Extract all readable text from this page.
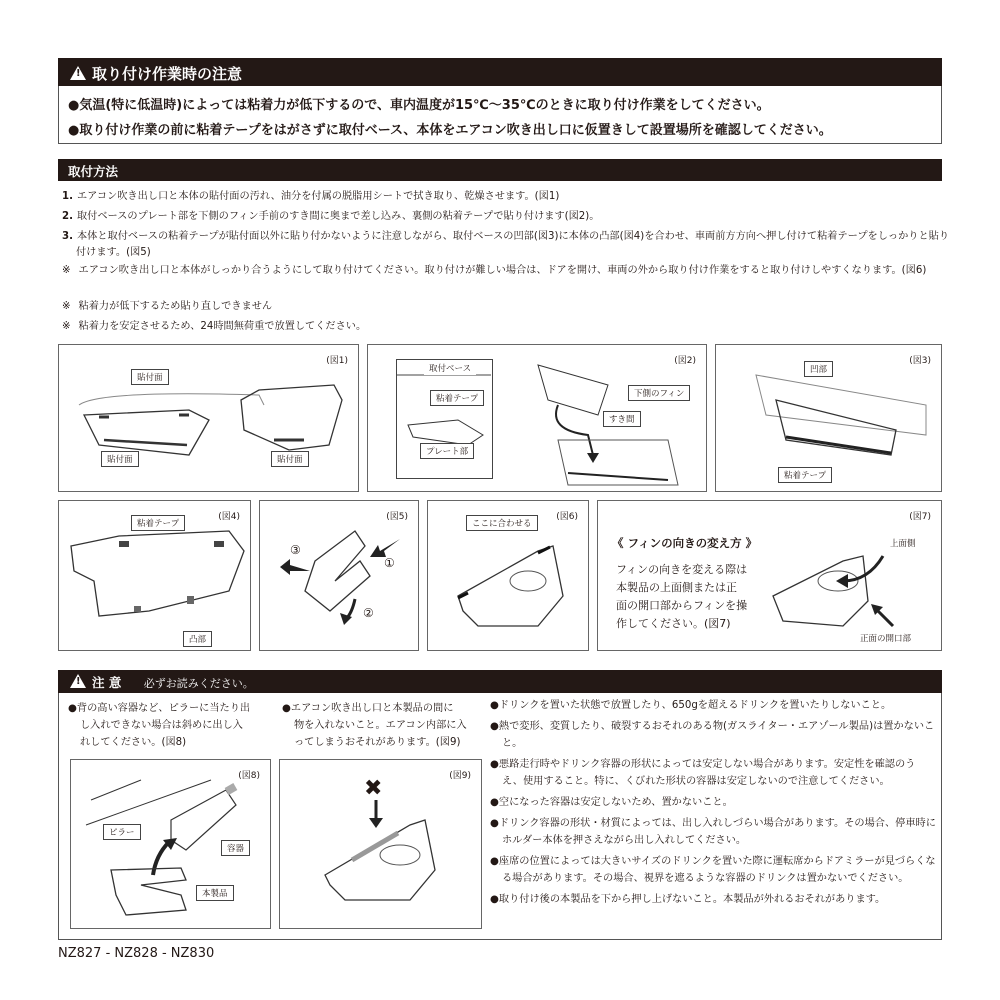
!取り付け作業時の注意
●気温(特に低温時)によっては粘着力が低下するので、車内温度が15℃〜35℃のときに取り付け作業をしてください。
●取り付け作業の前に粘着テープをはがさずに取付ベース、本体をエアコン吹き出し口に仮置きして設置場所を確認してください。
取付方法
1. エアコン吹き出し口と本体の貼付面の汚れ、油分を付属の脱脂用シートで拭き取り、乾燥させます。(図1)
2. 取付ベースのプレート部を下側のフィン手前のすき間に奥まで差し込み、裏側の粘着テープで貼り付けます(図2)。
3. 本体と取付ベースの粘着テープが貼付面以外に貼り付かないように注意しながら、取付ベースの凹部(図3)に本体の凸部(図4)を合わせ、車両前方方向へ押し付けて粘着テープをしっかりと貼り付けます。(図5)
※ エアコン吹き出し口と本体がしっかり合うようにして取り付けてください。取り付けが難しい場合は、ドアを開け、車両の外から取り付け作業をすると取り付けしやすくなります。(図6)
※ 粘着力が低下するため貼り直しできません
※ 粘着力を安定させるため、24時間無荷重で放置してください。
(図1)
貼付面
貼付面	貼付面
(図2)
取付ベース
粘着テープ
プレート部
下側のフィン
すき間
(図3)
凹部
粘着テープ
(図4)
粘着テープ
凸部
(図5)
①
②
③
(図6)
ここに合わせる
(図7)
《 フィンの向きの変え方 》
フィンの向きを変える際は
本製品の上面側または正
面の開口部からフィンを操
作してください。(図7)
上面側
正面の開口部
!注 意 必ずお読みください。
●背の高い容器など、ピラーに当たり出
し入れできない場合は斜めに出し入
れしてください。(図8)
●エアコン吹き出し口と本製品の間に
物を入れないこと。エアコン内部に入
ってしまうおそれがあります。(図9)
(図8)
ピラー
容器
本製品
(図9)
✖
●ドリンクを置いた状態で放置したり、650gを超えるドリンクを置いたりしないこと。
●熱で変形、変質したり、破裂するおそれのある物(ガスライター・エアゾール製品)は置かないこと。
●悪路走行時やドリンク容器の形状によっては安定しない場合があります。安定性を確認のうえ、使用すること。特に、くびれた形状の容器は安定しないので注意してください。
●空になった容器は安定しないため、置かないこと。
●ドリンク容器の形状・材質によっては、出し入れしづらい場合があります。その場合、停車時にホルダー本体を押さえながら出し入れしてください。
●座席の位置によっては大きいサイズのドリンクを置いた際に運転席からドアミラーが見づらくなる場合があります。その場合、視界を遮るような容器のドリンクは置かないでください。
●取り付け後の本製品を下から押し上げないこと。本製品が外れるおそれがあります。
NZ827 - NZ828 - NZ830
